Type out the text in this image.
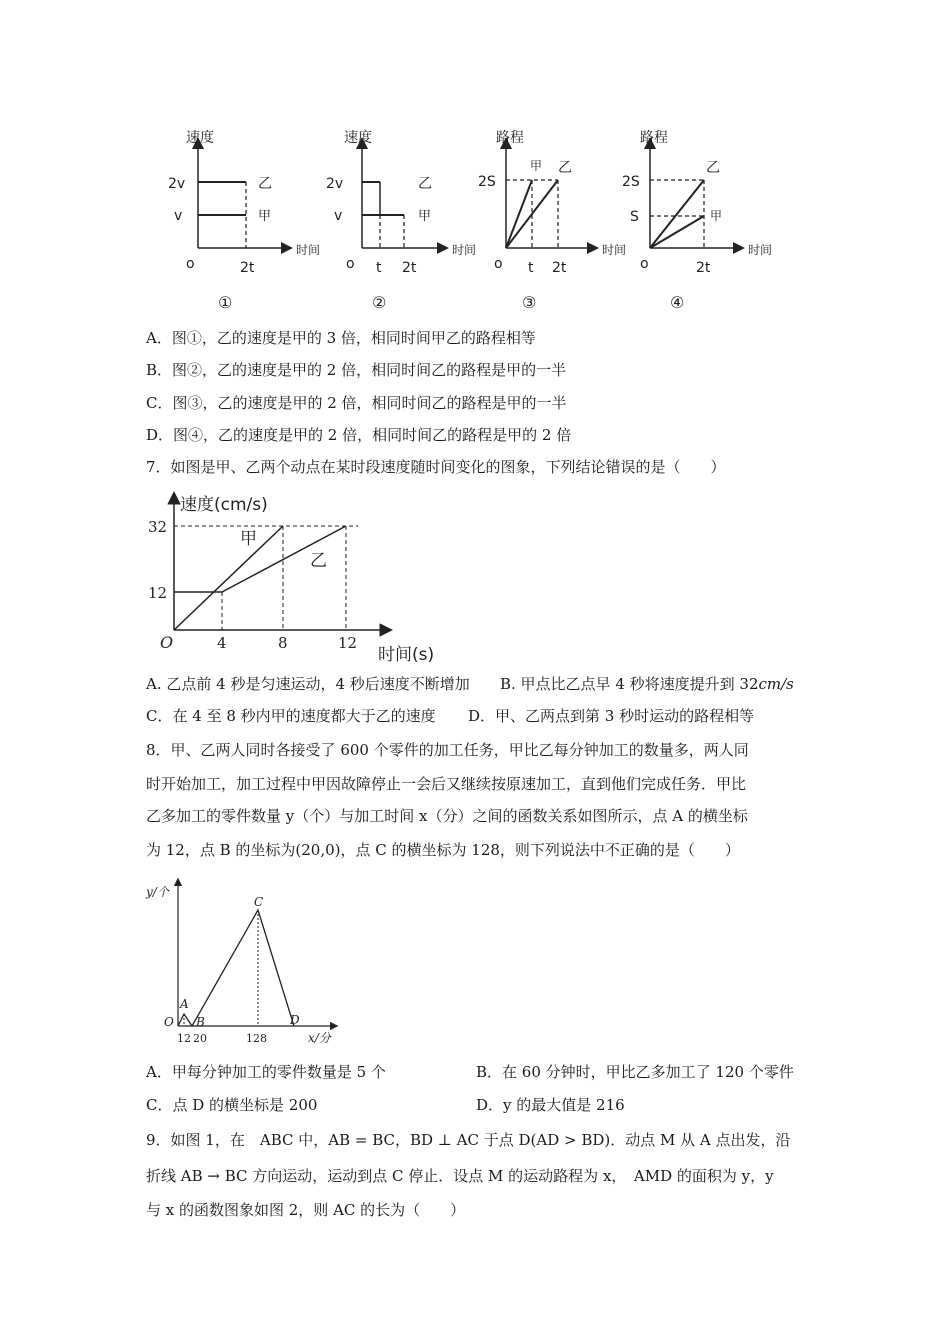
速度
2v
v
o	2t
时间
乙
甲
①
速度
2v
v
o t 2t
时间
乙
甲
②
路程
2S
o t 2t
时间
甲 乙
③
路程
2S
S
o	2t
时间
乙
甲
④
A．图①，乙的速度是甲的 3 倍，相同时间甲乙的路程相等
B．图②，乙的速度是甲的 2 倍，相同时间乙的路程是甲的一半
C．图③，乙的速度是甲的 2 倍，相同时间乙的路程是甲的一半
D．图④，乙的速度是甲的 2 倍，相同时间乙的路程是甲的 2 倍
7．如图是甲、乙两个动点在某时段速度随时间变化的图象，下列结论错误的是（　　）
速度(cm/s)
32
12
O	4	8	12
时间(s)
甲
乙
A. 乙点前 4 秒是匀速运动，4 秒后速度不断增加 B. 甲点比乙点早 4 秒将速度提升到 32cm/s
C．在 4 至 8 秒内甲的速度都大于乙的速度 D．甲、乙两点到第 3 秒时运动的路程相等
8．甲、乙两人同时各接受了 600 个零件的加工任务，甲比乙每分钟加工的数量多，两人同
时开始加工，加工过程中甲因故障停止一会后又继续按原速加工，直到他们完成任务．甲比
乙多加工的零件数量 y（个）与加工时间 x（分）之间的函数关系如图所示，点 A 的横坐标
为 12，点 B 的坐标为(20,0)，点 C 的横坐标为 128，则下列说法中不正确的是（　　）
y/个
O
A
B
C
D
12 20	128	x/分
A．甲每分钟加工的零件数量是 5 个	B．在 60 分钟时，甲比乙多加工了 120 个零件
C．点 D 的横坐标是 200	D．y 的最大值是 216
9．如图 1，在　ABC 中，AB = BC，BD ⊥ AC 于点 D(AD > BD)．动点 M 从 A 点出发，沿
折线 AB → BC 方向运动，运动到点 C 停止．设点 M 的运动路程为 x，　AMD 的面积为 y，y
与 x 的函数图象如图 2，则 AC 的长为（　　）
